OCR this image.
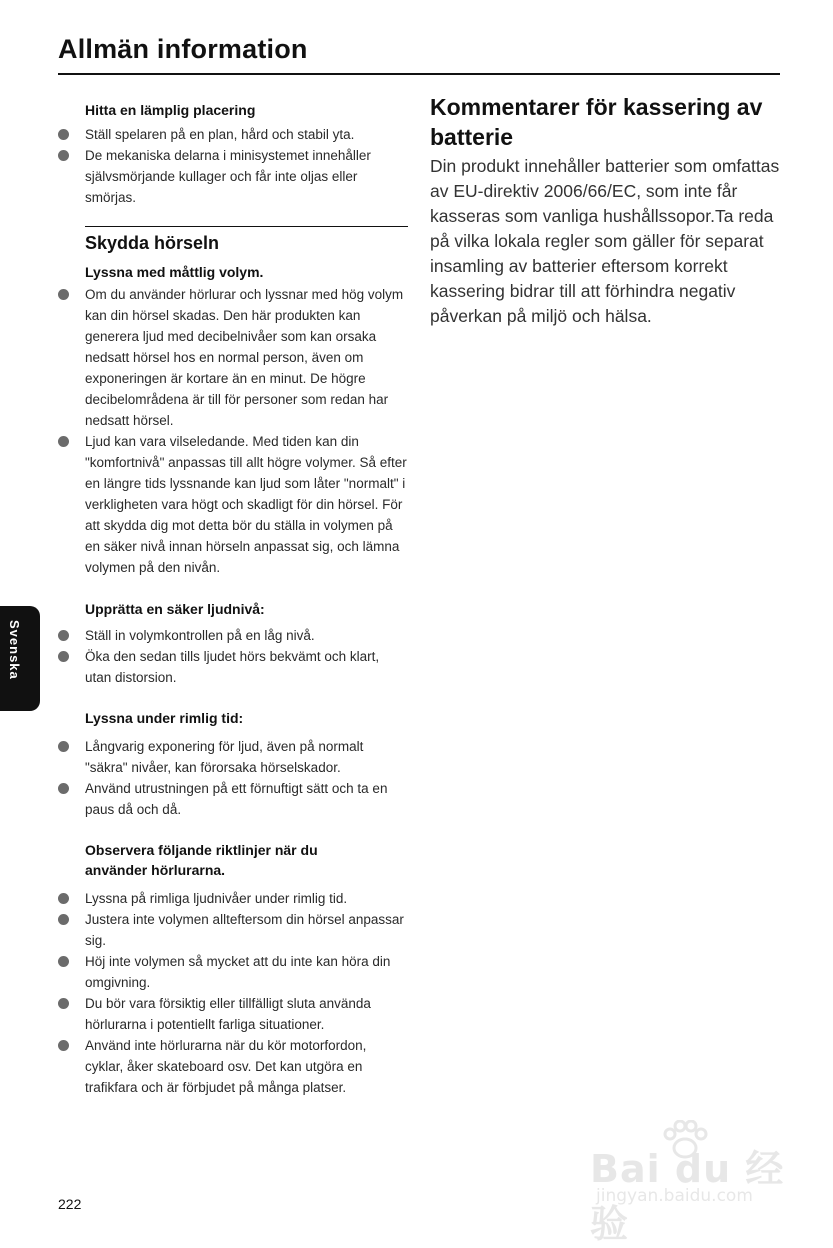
Allmän information
Hitta en lämplig placering
Ställ spelaren på en plan, hård och stabil yta.
De mekaniska delarna i minisystemet innehåller självsmörjande kullager och får inte oljas eller smörjas.
Skydda hörseln
Lyssna med måttlig volym.
Om du använder hörlurar och lyssnar med hög volym kan din hörsel skadas. Den här produkten kan generera ljud med decibelnivåer som kan orsaka nedsatt hörsel hos en normal person, även om exponeringen är kortare än en minut. De högre decibelområdena är till för personer som redan har nedsatt hörsel.
Ljud kan vara vilseledande. Med tiden kan din "komfortnivå" anpassas till allt högre volymer. Så efter en längre tids lyssnande kan ljud som låter "normalt" i verkligheten vara högt och skadligt för din hörsel. För att skydda dig mot detta bör du ställa in volymen på en säker nivå innan hörseln anpassat sig, och lämna volymen på den nivån.
Upprätta en säker ljudnivå:
Ställ in volymkontrollen på en låg nivå.
Öka den sedan tills ljudet hörs bekvämt och klart, utan distorsion.
Lyssna under rimlig tid:
Långvarig exponering för ljud, även på normalt "säkra" nivåer, kan förorsaka hörselskador.
Använd utrustningen på ett förnuftigt sätt och ta en paus då och då.
Observera följande riktlinjer när du använder hörlurarna.
Lyssna på rimliga ljudnivåer under rimlig tid.
Justera inte volymen allteftersom din hörsel anpassar sig.
Höj inte volymen så mycket att du inte kan höra din omgivning.
Du bör vara försiktig eller tillfälligt sluta använda hörlurarna i potentiellt farliga situationer.
Använd inte hörlurarna när du kör motorfordon, cyklar, åker skateboard osv. Det kan utgöra en trafikfara och är förbjudet på många platser.
Kommentarer för kassering av batterie
Din produkt innehåller batterier som omfattas av EU-direktiv 2006/66/EC, som inte får kasseras som vanliga hushållssopor.Ta reda på vilka lokala regler som gäller för separat insamling av batterier eftersom korrekt kassering bidrar till att förhindra negativ påverkan på miljö och hälsa.
Svenska
222
Bai du 经验
jingyan.baidu.com
